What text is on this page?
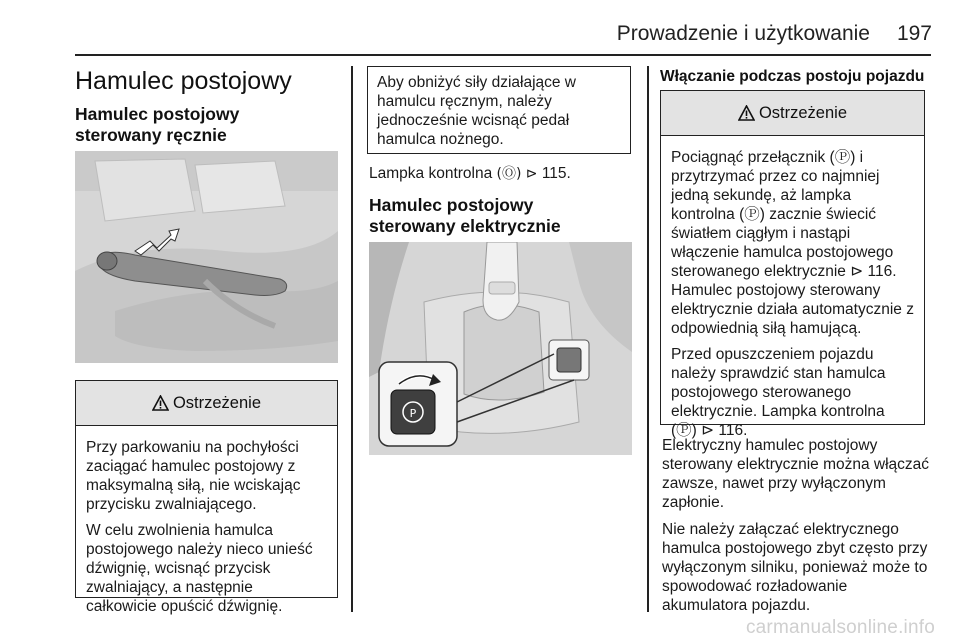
Prowadzenie i użytkowanie	197
Hamulec postojowy
Hamulec postojowy sterowany ręcznie
Ostrzeżenie

Przy parkowaniu na pochyłości zaciągać hamulec postojowy z maksymalną siłą, nie wciskając przycisku zwalniającego.

W celu zwolnienia hamulca postojowego należy nieco unieść dźwignię, wcisnąć przycisk zwalniający, a następnie całkowicie opuścić dźwignię.

Aby obniżyć siły działające w hamulcu ręcznym, należy jednocześnie wcisnąć pedał hamulca nożnego.

Lampka kontrolna (Ⓞ) ⊳ 115.

Hamulec postojowy sterowany elektrycznie
P
Włączanie podczas postoju pojazdu
Ostrzeżenie

Pociągnąć przełącznik (Ⓟ) i przytrzymać przez co najmniej jedną sekundę, aż lampka kontrolna (Ⓟ) zacznie świecić światłem ciągłym i nastąpi włączenie hamulca postojowego sterowanego elektrycznie ⊳ 116. Hamulec postojowy sterowany elektrycznie działa automatycznie z odpowiednią siłą hamującą.

Przed opuszczeniem pojazdu należy sprawdzić stan hamulca postojowego sterowanego elektrycznie. Lampka kontrolna (Ⓟ) ⊳ 116.

Elektryczny hamulec postojowy sterowany elektrycznie można włączać zawsze, nawet przy wyłączonym zapłonie.

Nie należy załączać elektrycznego hamulca postojowego zbyt często przy wyłączonym silniku, ponieważ może to spowodować rozładowanie akumulatora pojazdu.

carmanualsonline.info
